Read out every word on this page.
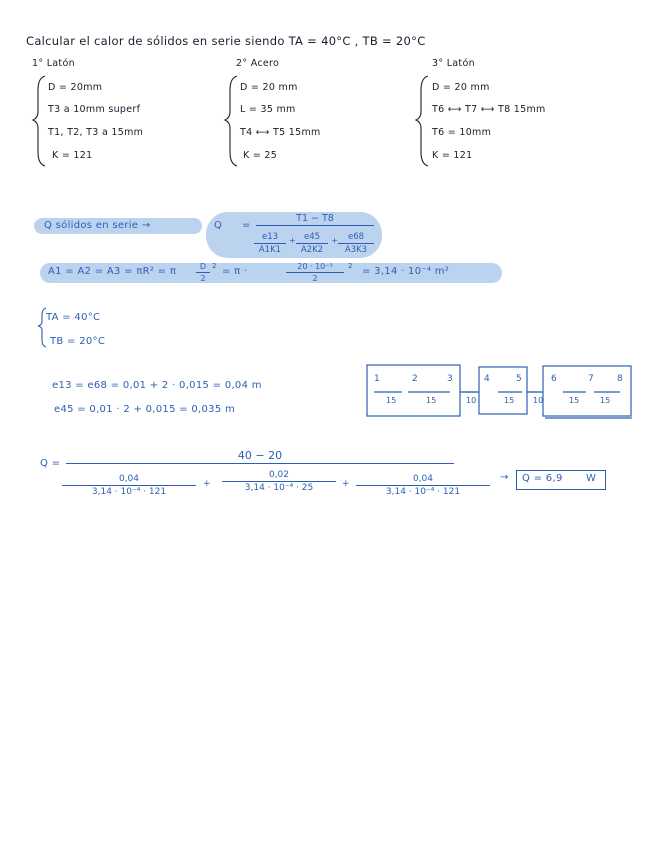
Calcular el calor de sólidos en serie siendo TA = 40°C , TB = 20°C
1° Latón	2° Acero	3° Latón
D = 20mm
T3 a 10mm superf
T1, T2, T3 a 15mm
K = 121
D = 20 mm
L = 35 mm
T4 ⟷ T5 15mm
K = 25
D = 20 mm
T6 ⟷ T7 ⟷ T8 15mm
T6 = 10mm
K = 121
Q sólidos en serie →	Q =
T1 − T8
$\frac{e13}{A1K1} + \frac{e45}{A2K2} + \frac{e68}{A3K3}$
A1 = A2 = A3 = πR² = π $\frac{D}{2} 2 = \pi$ ·	$\frac{\text{20 · 10⁻³}}{2} 2 = 3,14 \cdot 10^{-4}$ m²
TA = 40°C
TB = 20°C
e13 = e68 = 0,01 + 2 · 0,015 = 0,04 m
e45 = 0,01 · 2 + 0,015 = 0,035 m
1	2	3	4	5	6	7	8
15	15	10	15 10	15	15
Q =
40 − 20
$\frac{0,04}{\text{3,14 · 10⁻⁴ · 121}} + \frac{0,02}{\text{3,14 · 10⁻⁴ · 25}} + \frac{0,04}{\text{3,14 · 10⁻⁴ · 121}} \to Q = 6,9$ W
